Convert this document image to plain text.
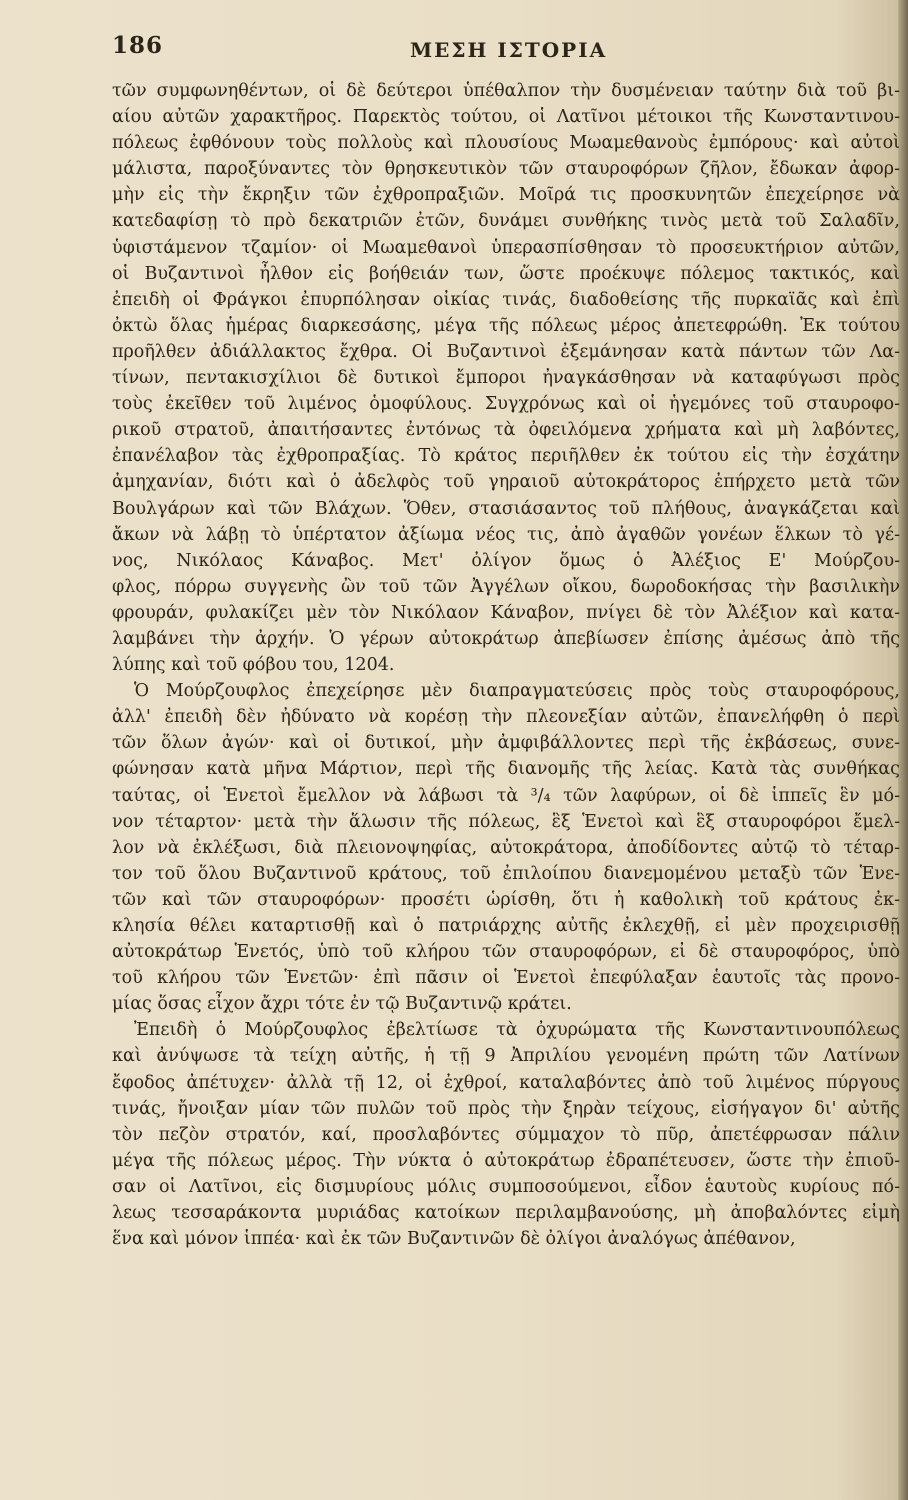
186	ΜΕΣΗ ΙΣΤΟΡΙΑ
τῶν συμφωνηθέντων, οἱ δὲ δεύτεροι ὑπέθαλπον τὴν δυσμένειαν ταύτην διὰ τοῦ βι-
αίου αὐτῶν χαρακτῆρος. Παρεκτὸς τούτου, οἱ Λατῖνοι μέτοικοι τῆς Κωνσταντινου-
πόλεως ἐφθόνουν τοὺς πολλοὺς καὶ πλουσίους Μωαμεθανοὺς ἐμπόρους· καὶ αὐτοὶ
μάλιστα, παροξύναντες τὸν θρησκευτικὸν τῶν σταυροφόρων ζῆλον, ἔδωκαν ἀφορ-
μὴν εἰς τὴν ἔκρηξιν τῶν ἐχθροπραξιῶν. Μοῖρά τις προσκυνητῶν ἐπεχείρησε νὰ
κατεδαφίσῃ τὸ πρὸ δεκατριῶν ἐτῶν, δυνάμει συνθήκης τινὸς μετὰ τοῦ Σαλαδῖν,
ὑφιστάμενον τζαμίον· οἱ Μωαμεθανοὶ ὑπερασπίσθησαν τὸ προσευκτήριον αὐτῶν,
οἱ Βυζαντινοὶ ἦλθον εἰς βοήθειάν των, ὥστε προέκυψε πόλεμος τακτικός, καὶ
ἐπειδὴ οἱ Φράγκοι ἐπυρπόλησαν οἰκίας τινάς, διαδοθείσης τῆς πυρκαϊᾶς καὶ ἐπὶ
ὀκτὼ ὅλας ἡμέρας διαρκεσάσης, μέγα τῆς πόλεως μέρος ἀπετεφρώθη. Ἐκ τούτου
προῆλθεν ἀδιάλλακτος ἔχθρα. Οἱ Βυζαντινοὶ ἐξεμάνησαν κατὰ πάντων τῶν Λα-
τίνων, πεντακισχίλιοι δὲ δυτικοὶ ἔμποροι ἠναγκάσθησαν νὰ καταφύγωσι πρὸς
τοὺς ἐκεῖθεν τοῦ λιμένος ὁμοφύλους. Συγχρόνως καὶ οἱ ἡγεμόνες τοῦ σταυροφο-
ρικοῦ στρατοῦ, ἀπαιτήσαντες ἐντόνως τὰ ὀφειλόμενα χρήματα καὶ μὴ λαβόντες,
ἐπανέλαβον τὰς ἐχθροπραξίας. Τὸ κράτος περιῆλθεν ἐκ τούτου εἰς τὴν ἐσχάτην
ἀμηχανίαν, διότι καὶ ὁ ἀδελφὸς τοῦ γηραιοῦ αὐτοκράτορος ἐπήρχετο μετὰ τῶν
Βουλγάρων καὶ τῶν Βλάχων. Ὅθεν, στασιάσαντος τοῦ πλήθους, ἀναγκάζεται καὶ
ἄκων νὰ λάβῃ τὸ ὑπέρτατον ἀξίωμα νέος τις, ἀπὸ ἀγαθῶν γονέων ἕλκων τὸ γέ-
νος, Νικόλαος Κάναβος. Μετ' ὀλίγον ὅμως ὁ Ἀλέξιος Ε' Μούρζου-
φλος, πόρρω συγγενὴς ὢν τοῦ τῶν Ἀγγέλων οἴκου, δωροδοκήσας τὴν βασιλικὴν
φρουράν, φυλακίζει μὲν τὸν Νικόλαον Κάναβον, πνίγει δὲ τὸν Ἀλέξιον καὶ κατα-
λαμβάνει τὴν ἀρχήν. Ὁ γέρων αὐτοκράτωρ ἀπεβίωσεν ἐπίσης ἀμέσως ἀπὸ τῆς
λύπης καὶ τοῦ φόβου του, 1204.
Ὁ Μούρζουφλος ἐπεχείρησε μὲν διαπραγματεύσεις πρὸς τοὺς σταυροφόρους,
ἀλλ' ἐπειδὴ δὲν ἠδύνατο νὰ κορέσῃ τὴν πλεονεξίαν αὐτῶν, ἐπανελήφθη ὁ περὶ
τῶν ὅλων ἀγών· καὶ οἱ δυτικοί, μὴν ἀμφιβάλλοντες περὶ τῆς ἐκβάσεως, συνε-
φώνησαν κατὰ μῆνα Μάρτιον, περὶ τῆς διανομῆς τῆς λείας. Κατὰ τὰς συνθήκας
ταύτας, οἱ Ἑνετοὶ ἔμελλον νὰ λάβωσι τὰ ³/₄ τῶν λαφύρων, οἱ δὲ ἱππεῖς ἓν μό-
νον τέταρτον· μετὰ τὴν ἅλωσιν τῆς πόλεως, ἓξ Ἑνετοὶ καὶ ἓξ σταυροφόροι ἔμελ-
λον νὰ ἐκλέξωσι, διὰ πλειονοψηφίας, αὐτοκράτορα, ἀποδίδοντες αὐτῷ τὸ τέταρ-
τον τοῦ ὅλου Βυζαντινοῦ κράτους, τοῦ ἐπιλοίπου διανεμομένου μεταξὺ τῶν Ἑνε-
τῶν καὶ τῶν σταυροφόρων· προσέτι ὡρίσθη, ὅτι ἡ καθολικὴ τοῦ κράτους ἐκ-
κλησία θέλει καταρτισθῇ καὶ ὁ πατριάρχης αὐτῆς ἐκλεχθῇ, εἰ μὲν προχειρισθῇ
αὐτοκράτωρ Ἑνετός, ὑπὸ τοῦ κλήρου τῶν σταυροφόρων, εἰ δὲ σταυροφόρος, ὑπὸ
τοῦ κλήρου τῶν Ἑνετῶν· ἐπὶ πᾶσιν οἱ Ἑνετοὶ ἐπεφύλαξαν ἑαυτοῖς τὰς προνο-
μίας ὅσας εἶχον ἄχρι τότε ἐν τῷ Βυζαντινῷ κράτει.
Ἐπειδὴ ὁ Μούρζουφλος ἐβελτίωσε τὰ ὀχυρώματα τῆς Κωνσταντινουπόλεως
καὶ ἀνύψωσε τὰ τείχη αὐτῆς, ἡ τῇ 9 Ἀπριλίου γενομένη πρώτη τῶν Λατίνων
ἔφοδος ἀπέτυχεν· ἀλλὰ τῇ 12, οἱ ἐχθροί, καταλαβόντες ἀπὸ τοῦ λιμένος πύργους
τινάς, ἤνοιξαν μίαν τῶν πυλῶν τοῦ πρὸς τὴν ξηρὰν τείχους, εἰσήγαγον δι' αὐτῆς
τὸν πεζὸν στρατόν, καί, προσλαβόντες σύμμαχον τὸ πῦρ, ἀπετέφρωσαν πάλιν
μέγα τῆς πόλεως μέρος. Τὴν νύκτα ὁ αὐτοκράτωρ ἐδραπέτευσεν, ὥστε τὴν ἐπιοῦ-
σαν οἱ Λατῖνοι, εἰς δισμυρίους μόλις συμποσούμενοι, εἶδον ἑαυτοὺς κυρίους πό-
λεως τεσσαράκοντα μυριάδας κατοίκων περιλαμβανούσης, μὴ ἀποβαλόντες εἰμὴ
ἕνα καὶ μόνον ἱππέα· καὶ ἐκ τῶν Βυζαντινῶν δὲ ὀλίγοι ἀναλόγως ἀπέθανον,
